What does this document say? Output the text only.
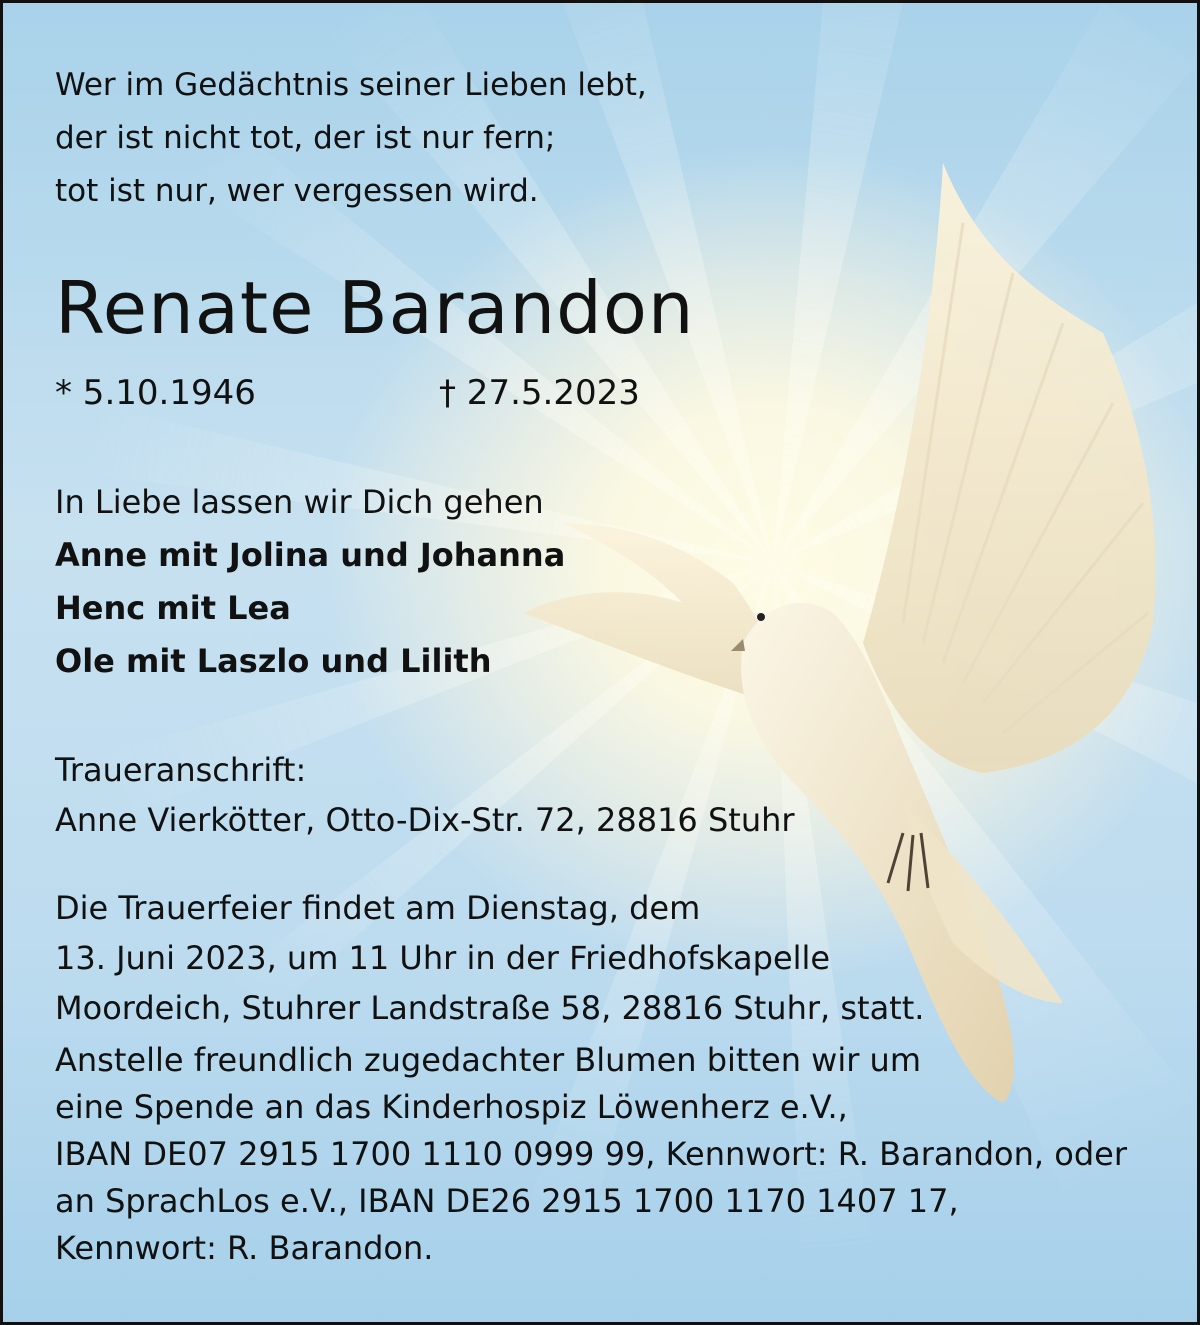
Wer im Gedächtnis seiner Lieben lebt,
der ist nicht tot, der ist nur fern;
tot ist nur, wer vergessen wird.
Renate Barandon
* 5.10.1946	† 27.5.2023
In Liebe lassen wir Dich gehen
Anne mit Jolina und Johanna
Henc mit Lea
Ole mit Laszlo und Lilith
Traueranschrift:
Anne Vierkötter, Otto-Dix-Str. 72, 28816 Stuhr
Die Trauerfeier findet am Dienstag, dem
13. Juni 2023, um 11 Uhr in der Friedhofskapelle
Moordeich, Stuhrer Landstraße 58, 28816 Stuhr, statt.
Anstelle freundlich zugedachter Blumen bitten wir um
eine Spende an das Kinderhospiz Löwenherz e.V.,
IBAN DE07 2915 1700 1110 0999 99, Kennwort: R. Barandon, oder
an SprachLos e.V., IBAN DE26 2915 1700 1170 1407 17,
Kennwort: R. Barandon.
